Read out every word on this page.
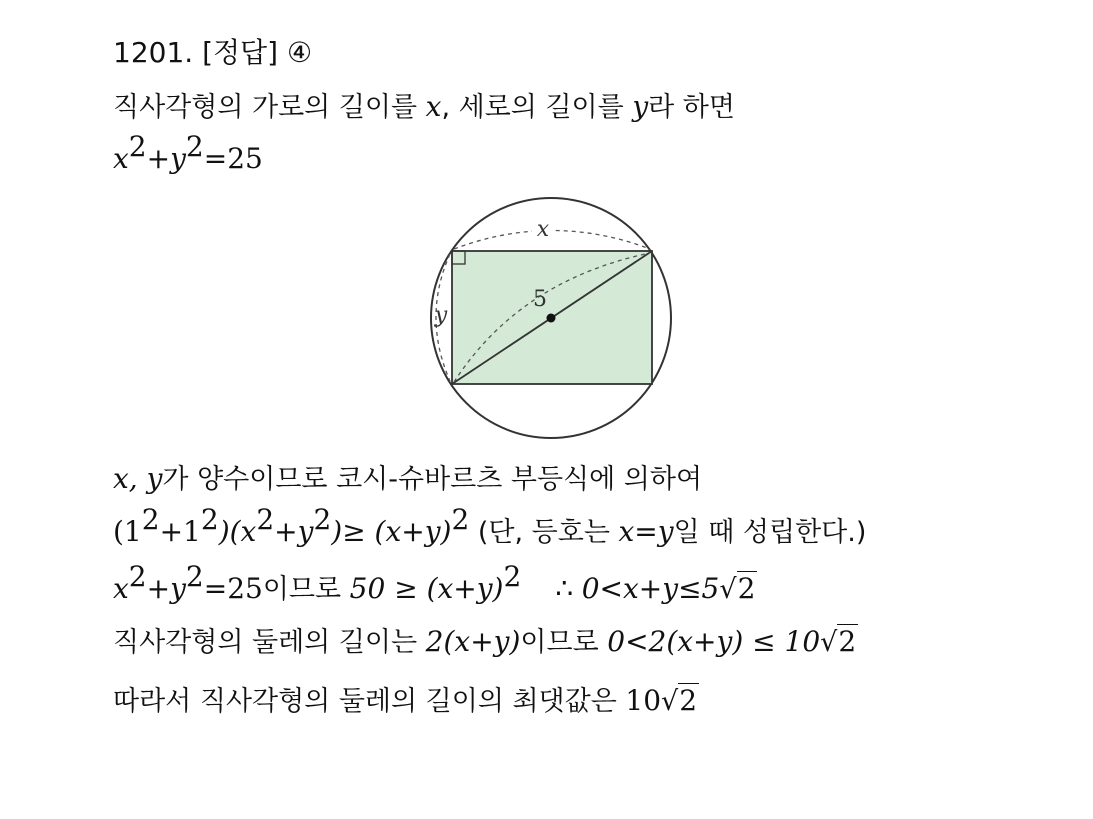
1201. [정답] ④
직사각형의 가로의 길이를 x, 세로의 길이를 y라 하면
$x^2+y^2=25$
x
y
5
x, y가 양수이므로 코시-슈바르츠 부등식에 의하여
$(1^2+1^2)(x^2+y^2)\ge (x+y)^2$ (단, 등호는 x=y일 때 성립한다.)
$x^2+y^2=25$이므로 $50 \ge (x+y)^2$ ∴ 0<x+y≤5√2
직사각형의 둘레의 길이는 2(x+y)이므로 0<2(x+y) ≤ 10√2
따라서 직사각형의 둘레의 길이의 최댓값은 10√2
